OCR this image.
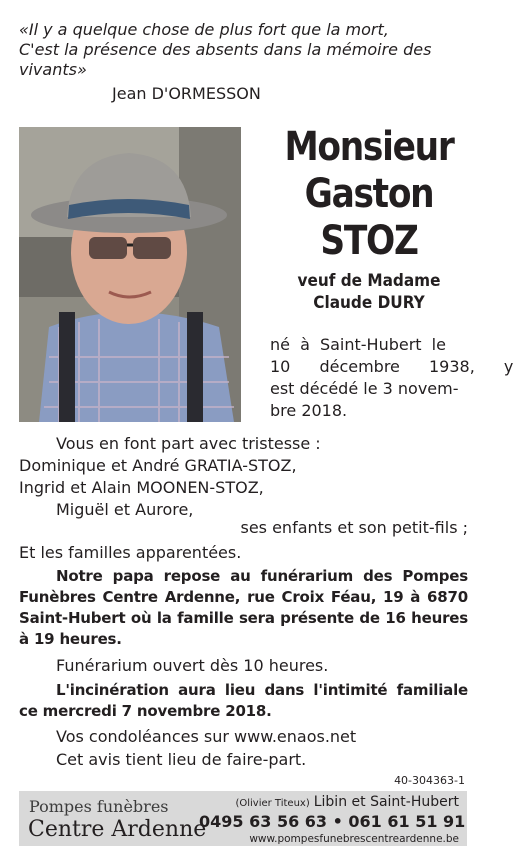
«Il y a quelque chose de plus fort que la mort,
C'est la présence des absents dans la mémoire des
vivants»
Jean D'ORMESSON
Monsieur
Gaston
STOZ
veuf de Madame
Claude DURY
né à Saint-Hubert le
10 décembre 1938, y
est décédé le 3 novem-
bre 2018.
Vous en font part avec tristesse :
Dominique et André GRATIA-STOZ,
Ingrid et Alain MOONEN-STOZ,
Miguël et Aurore,
ses enfants et son petit-fils ;
Et les familles apparentées.
Notre papa repose au funérarium des Pompes Funèbres Centre Ardenne, rue Croix Féau, 19 à 6870 Saint-Hubert où la famille sera présente de 16 heures à 19 heures.
Funérarium ouvert dès 10 heures.
L'incinération aura lieu dans l'intimité familiale ce mercredi 7 novembre 2018.
Vos condoléances sur www.enaos.net
Cet avis tient lieu de faire-part.
40-304363-1
Pompes funèbres
Centre Ardenne
(Olivier Titeux) Libin et Saint-Hubert
0495 63 56 63 • 061 61 51 91
www.pompesfunebrescentreardenne.be
